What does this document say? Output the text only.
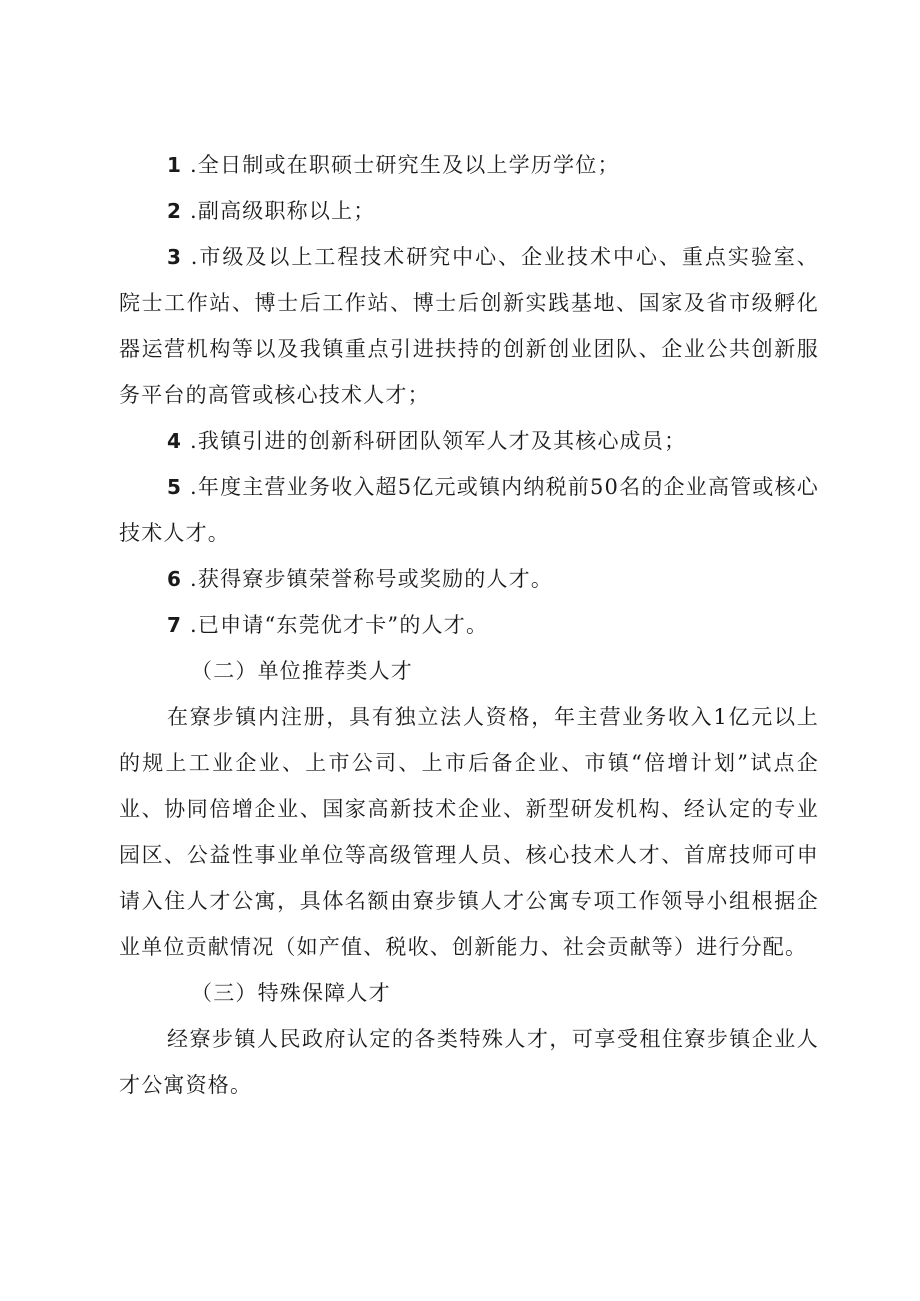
1 .全日制或在职硕士研究生及以上学历学位；

2 .副高级职称以上；

3 .市级及以上工程技术研究中心、企业技术中心、重点实验室、院士工作站、博士后工作站、博士后创新实践基地、国家及省市级孵化器运营机构等以及我镇重点引进扶持的创新创业团队、企业公共创新服务平台的高管或核心技术人才；

4 .我镇引进的创新科研团队领军人才及其核心成员；

5 .年度主营业务收入超5亿元或镇内纳税前50名的企业高管或核心技术人才。

6 .获得寮步镇荣誉称号或奖励的人才。

7 .已申请“东莞优才卡”的人才。

（二）单位推荐类人才

在寮步镇内注册，具有独立法人资格，年主营业务收入1亿元以上的规上工业企业、上市公司、上市后备企业、市镇“倍增计划”试点企业、协同倍增企业、国家高新技术企业、新型研发机构、经认定的专业园区、公益性事业单位等高级管理人员、核心技术人才、首席技师可申请入住人才公寓，具体名额由寮步镇人才公寓专项工作领导小组根据企业单位贡献情况（如产值、税收、创新能力、社会贡献等）进行分配。

（三）特殊保障人才

经寮步镇人民政府认定的各类特殊人才，可享受租住寮步镇企业人才公寓资格。
